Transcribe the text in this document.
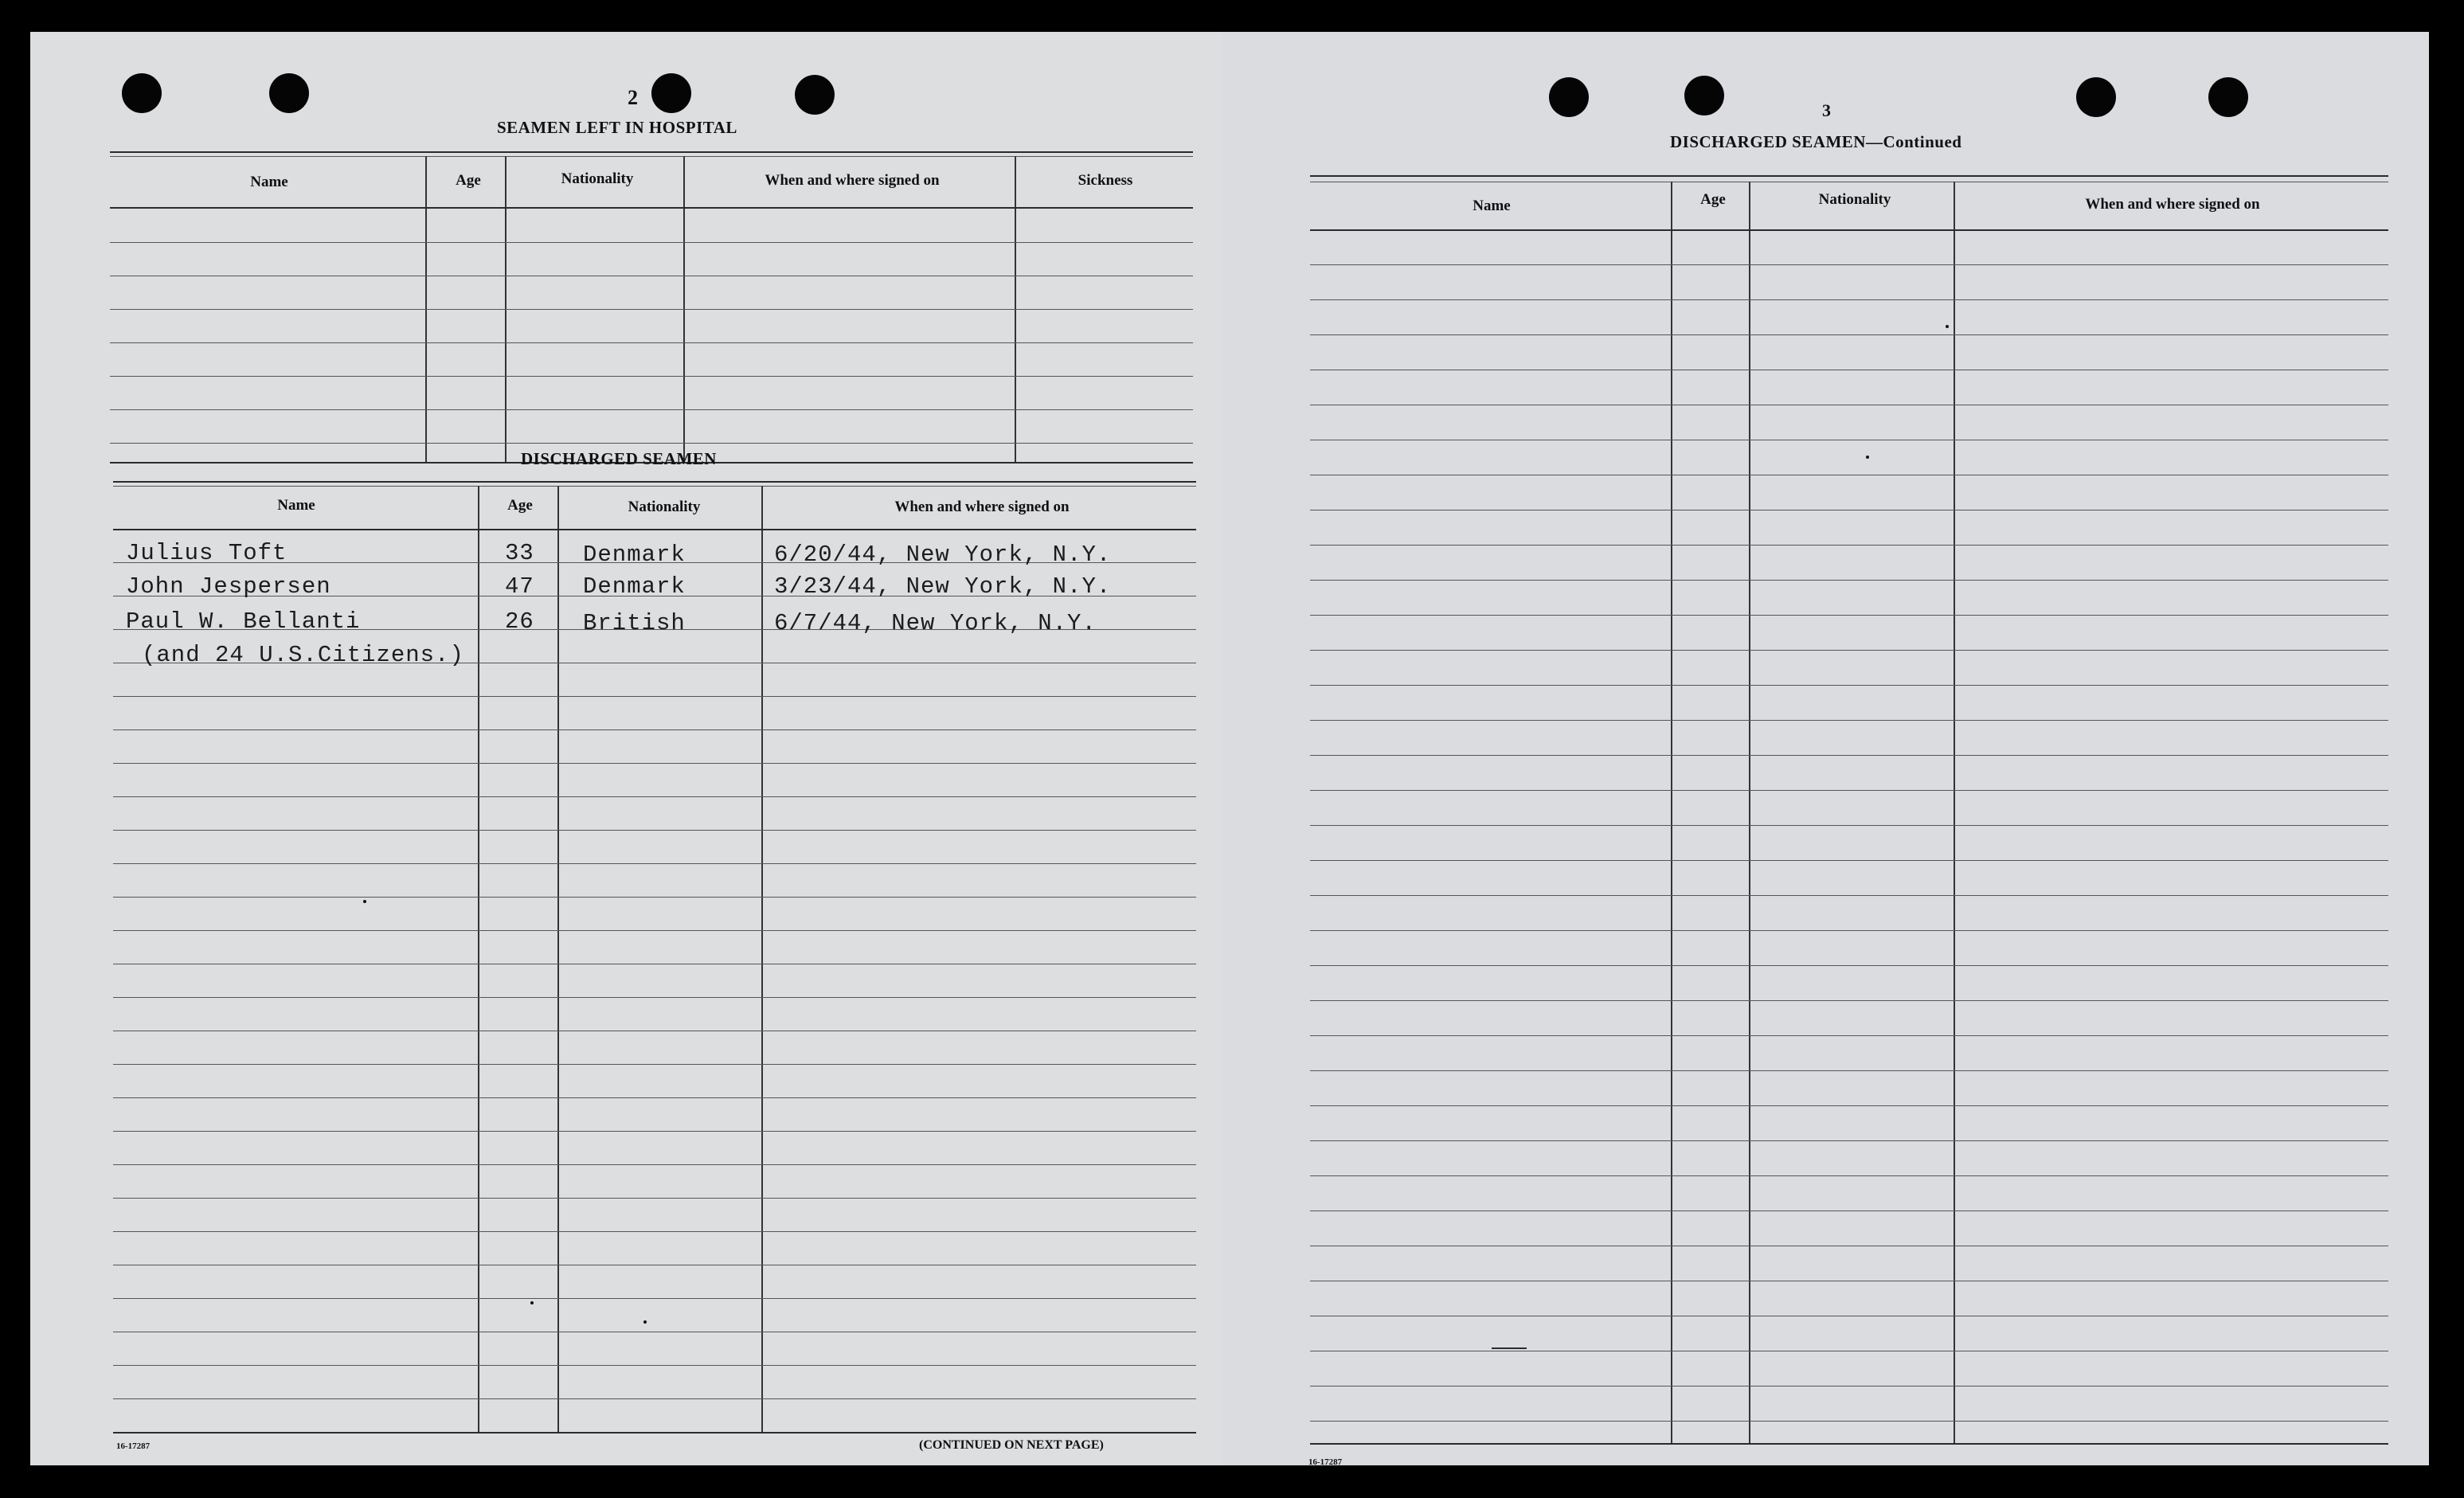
2
SEAMEN LEFT IN HOSPITAL
Name	Age	Nationality	When and where signed on	Sickness
DISCHARGED SEAMEN
Name	Age	Nationality	When and where signed on
Julius Toft	33 Denmark	6/20/44, New York, N.Y.
John Jespersen	47 Denmark	3/23/44, New York, N.Y.
Paul W. Bellanti	26 British	6/7/44, New York, N.Y.
(and 24 U.S.Citizens.)
16-17287	(CONTINUED ON NEXT PAGE)
3
DISCHARGED SEAMEN—Continued
Name	Age	Nationality	When and where signed on
16-17287
